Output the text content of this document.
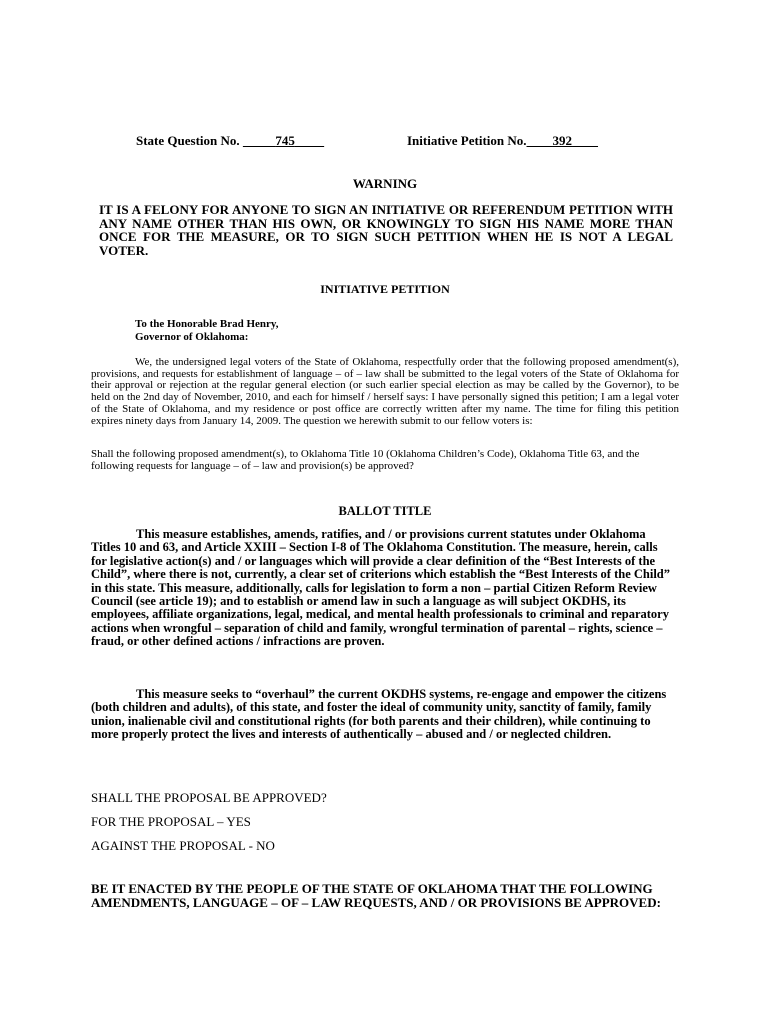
State Question No.	745	Initiative Petition No. 392
WARNING
IT IS A FELONY FOR ANYONE TO SIGN AN INITIATIVE OR REFERENDUM PETITION WITH ANY NAME OTHER THAN HIS OWN, OR KNOWINGLY TO SIGN HIS NAME MORE THAN ONCE FOR THE MEASURE, OR TO SIGN SUCH PETITION WHEN HE IS NOT A LEGAL VOTER.
INITIATIVE PETITION
To the Honorable Brad Henry,
Governor of Oklahoma:
We, the undersigned legal voters of the State of Oklahoma, respectfully order that the following proposed amendment(s), provisions, and requests for establishment of language – of – law shall be submitted to the legal voters of the State of Oklahoma for their approval or rejection at the regular general election (or such earlier special election as may be called by the Governor), to be held on the 2nd day of November, 2010, and each for himself / herself says: I have personally signed this petition; I am a legal voter of the State of Oklahoma, and my residence or post office are correctly written after my name. The time for filing this petition expires ninety days from January 14, 2009. The question we herewith submit to our fellow voters is:
Shall the following proposed amendment(s), to Oklahoma Title 10 (Oklahoma Children’s Code), Oklahoma Title 63, and the following requests for language – of – law and provision(s) be approved?
BALLOT TITLE
This measure establishes, amends, ratifies, and / or provisions current statutes under Oklahoma Titles 10 and 63, and Article XXIII – Section I-8 of The Oklahoma Constitution. The measure, herein, calls for legislative action(s) and / or languages which will provide a clear definition of the “Best Interests of the Child”, where there is not, currently, a clear set of criterions which establish the “Best Interests of the Child” in this state. This measure, additionally, calls for legislation to form a non – partial Citizen Reform Review Council (see article 19); and to establish or amend law in such a language as will subject OKDHS, its employees, affiliate organizations, legal, medical, and mental health professionals to criminal and reparatory actions when wrongful – separation of child and family, wrongful termination of parental – rights, science – fraud, or other defined actions / infractions are proven.
This measure seeks to “overhaul” the current OKDHS systems, re-engage and empower the citizens (both children and adults), of this state, and foster the ideal of community unity, sanctity of family, family union, inalienable civil and constitutional rights (for both parents and their children), while continuing to more properly protect the lives and interests of authentically – abused and / or neglected children.
SHALL THE PROPOSAL BE APPROVED?
FOR THE PROPOSAL – YES
AGAINST THE PROPOSAL - NO
BE IT ENACTED BY THE PEOPLE OF THE STATE OF OKLAHOMA THAT THE FOLLOWING AMENDMENTS, LANGUAGE – OF – LAW REQUESTS, AND / OR PROVISIONS BE APPROVED:
